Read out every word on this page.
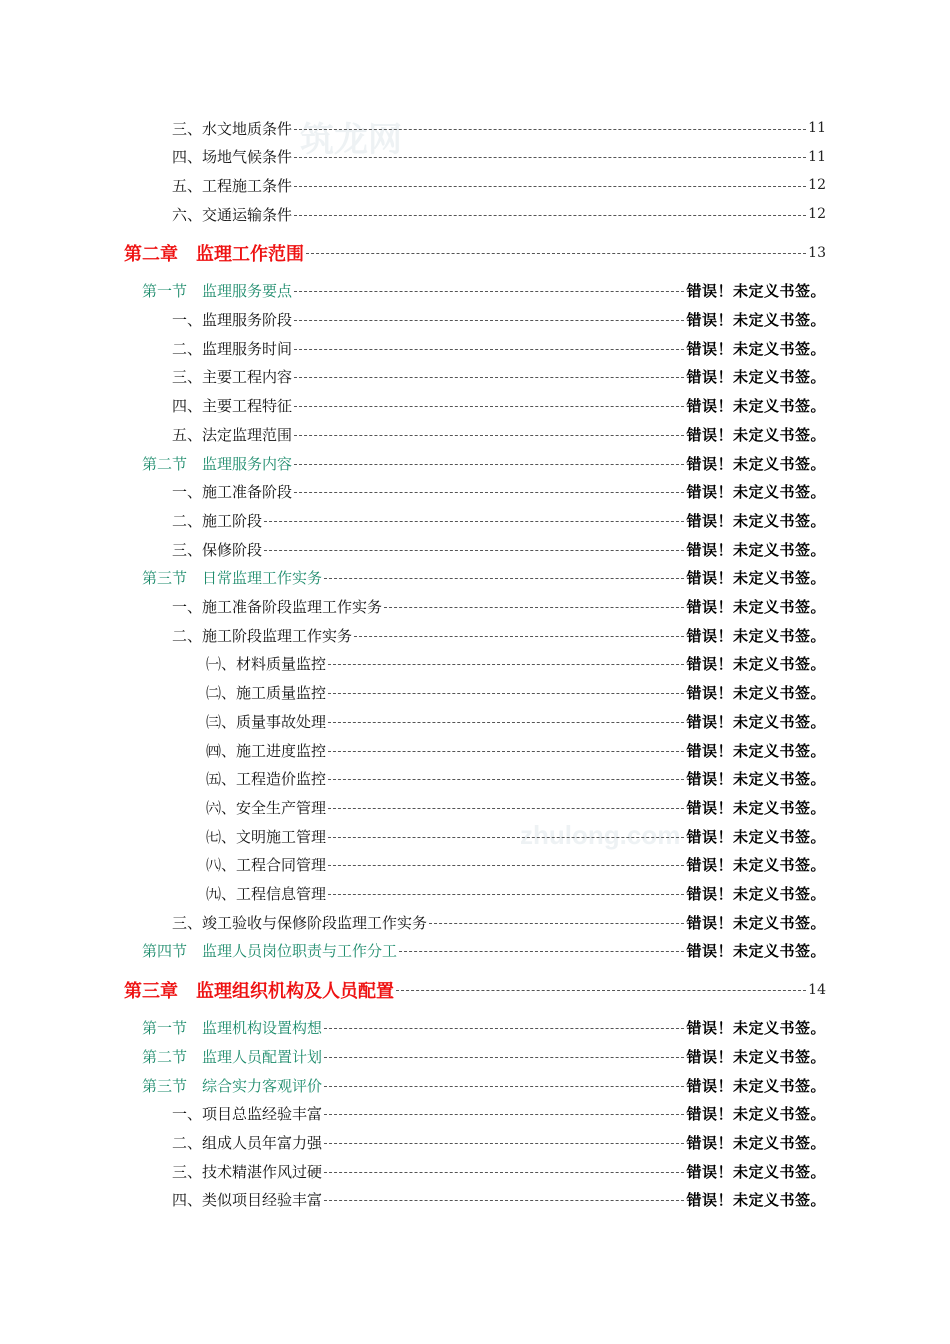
筑龙网
zhulong.com
三、水文地质条件	11
四、场地气候条件	11
五、工程施工条件	12
六、交通运输条件	12
第二章　监理工作范围	13
第一节　监理服务要点	错误！未定义书签。
一、监理服务阶段	错误！未定义书签。
二、监理服务时间	错误！未定义书签。
三、主要工程内容	错误！未定义书签。
四、主要工程特征	错误！未定义书签。
五、法定监理范围	错误！未定义书签。
第二节　监理服务内容	错误！未定义书签。
一、施工准备阶段	错误！未定义书签。
二、施工阶段	错误！未定义书签。
三、保修阶段	错误！未定义书签。
第三节　日常监理工作实务	错误！未定义书签。
一、施工准备阶段监理工作实务	错误！未定义书签。
二、施工阶段监理工作实务	错误！未定义书签。
㈠、材料质量监控	错误！未定义书签。
㈡、施工质量监控	错误！未定义书签。
㈢、质量事故处理	错误！未定义书签。
㈣、施工进度监控	错误！未定义书签。
㈤、工程造价监控	错误！未定义书签。
㈥、安全生产管理	错误！未定义书签。
㈦、文明施工管理	错误！未定义书签。
㈧、工程合同管理	错误！未定义书签。
㈨、工程信息管理	错误！未定义书签。
三、竣工验收与保修阶段监理工作实务	错误！未定义书签。
第四节　监理人员岗位职责与工作分工	错误！未定义书签。
第三章　监理组织机构及人员配置	14
第一节　监理机构设置构想	错误！未定义书签。
第二节　监理人员配置计划	错误！未定义书签。
第三节　综合实力客观评价	错误！未定义书签。
一、项目总监经验丰富	错误！未定义书签。
二、组成人员年富力强	错误！未定义书签。
三、技术精湛作风过硬	错误！未定义书签。
四、类似项目经验丰富	错误！未定义书签。
